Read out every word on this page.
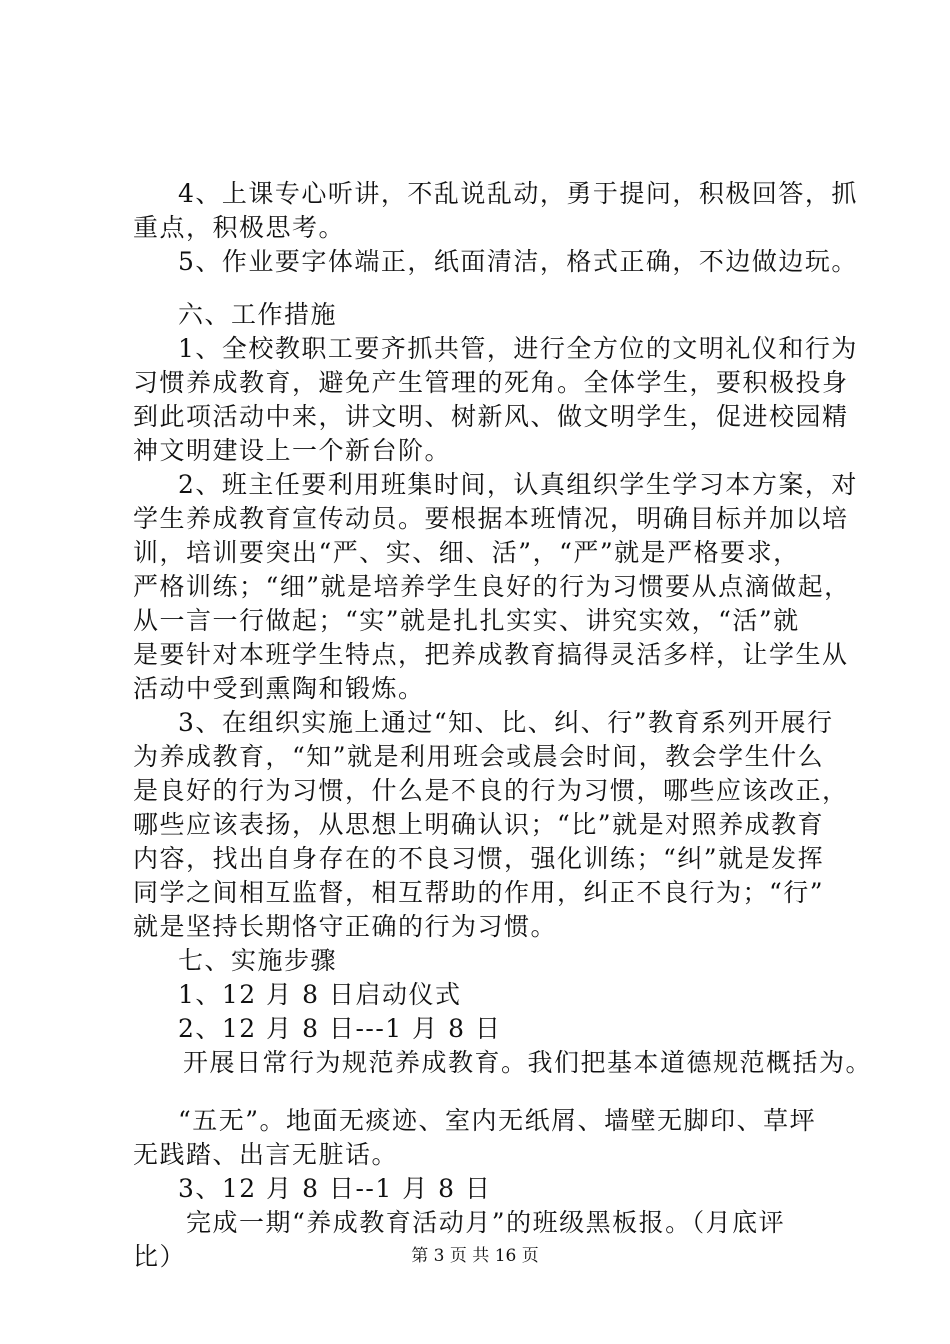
4、上课专心听讲，不乱说乱动，勇于提问，积极回答，抓
重点，积极思考。
5、作业要字体端正，纸面清洁，格式正确，不边做边玩。
六、工作措施
1、全校教职工要齐抓共管，进行全方位的文明礼仪和行为
习惯养成教育，避免产生管理的死角。全体学生，要积极投身
到此项活动中来，讲文明、树新风、做文明学生，促进校园精
神文明建设上一个新台阶。
2、班主任要利用班集时间，认真组织学生学习本方案，对
学生养成教育宣传动员。要根据本班情况，明确目标并加以培
训，培训要突出“严、实、细、活”，“严”就是严格要求，
严格训练；“细”就是培养学生良好的行为习惯要从点滴做起，
从一言一行做起；“实”就是扎扎实实、讲究实效，“活”就
是要针对本班学生特点，把养成教育搞得灵活多样，让学生从
活动中受到熏陶和锻炼。
3、在组织实施上通过“知、比、纠、行”教育系列开展行
为养成教育，“知”就是利用班会或晨会时间，教会学生什么
是良好的行为习惯，什么是不良的行为习惯，哪些应该改正，
哪些应该表扬，从思想上明确认识；“比”就是对照养成教育
内容，找出自身存在的不良习惯，强化训练；“纠”就是发挥
同学之间相互监督，相互帮助的作用，纠正不良行为；“行”
就是坚持长期恪守正确的行为习惯。
七、实施步骤
1、12 月 8 日启动仪式
2、12 月 8 日---1 月 8 日
开展日常行为规范养成教育。我们把基本道德规范概括为。
“五无”。地面无痰迹、室内无纸屑、墙壁无脚印、草坪
无践踏、出言无脏话。
3、12 月 8 日--1 月 8 日
完成一期“养成教育活动月”的班级黑板报。（月底评
比）	第 3 页 共 16 页
